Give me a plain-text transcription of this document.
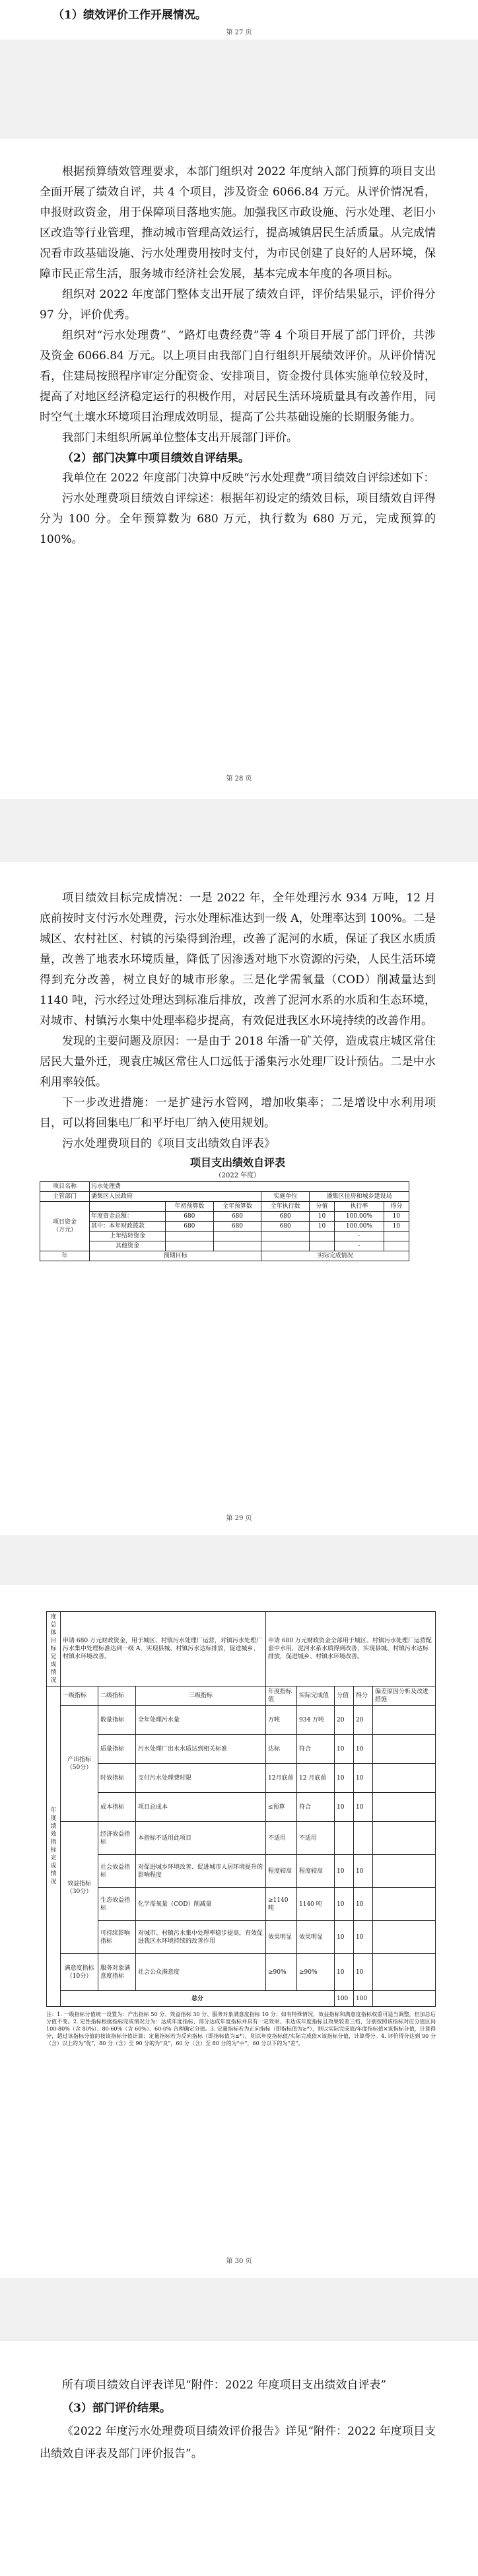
（1）绩效评价工作开展情况。

第 27 页

根据预算绩效管理要求，本部门组织对 2022 年度纳入部门预算的项目支出全面开展了绩效自评，共 4 个项目，涉及资金 6066.84 万元。从评价情况看，申报财政资金，用于保障项目落地实施。加强我区市政设施、污水处理、老旧小区改造等行业管理，推动城市管理高效运行，提高城镇居民生活质量。从完成情况看市政基础设施、污水处理费用按时支付，为市民创建了良好的人居环境，保障市民正常生活，服务城市经济社会发展，基本完成本年度的各项目标。

组织对 2022 年度部门整体支出开展了绩效自评，评价结果显示，评价得分 97 分，评价优秀。

组织对“污水处理费”、“路灯电费经费”等 4 个项目开展了部门评价，共涉及资金 6066.84 万元。以上项目由我部门自行组织开展绩效评价。从评价情况看，住建局按照程序审定分配资金、安排项目，资金拨付具体实施单位较及时，提高了对地区经济稳定运行的积极作用，对居民生活环境质量具有改善作用，同时空气土壤水环境项目治理成效明显，提高了公共基础设施的长期服务能力。

我部门未组织所属单位整体支出开展部门评价。

（2）部门决算中项目绩效自评结果。

我单位在 2022 年度部门决算中反映“污水处理费”项目绩效自评综述如下：

污水处理费项目绩效自评综述：根据年初设定的绩效目标，项目绩效自评得分为 100 分。全年预算数为 680 万元，执行数为 680 万元，完成预算的 100%。

第 28 页

项目绩效目标完成情况：一是 2022 年，全年处理污水 934 万吨，12 月底前按时支付污水处理费，污水处理标准达到一级 A，处理率达到 100%。二是城区、农村社区、村镇的污染得到治理，改善了泥河的水质，保证了我区水质质量，改善了地表水环境质量，降低了因渗透对地下水资源的污染，人民生活环境得到充分改善，树立良好的城市形象。三是化学需氧量（COD）削减量达到 1140 吨，污水经过处理达到标准后排放，改善了泥河水系的水质和生态环境，对城市、村镇污水集中处理率稳步提高，有效促进我区水环境持续的改善作用。

发现的主要问题及原因：一是由于 2018 年潘一矿关停，造成袁庄城区常住居民大量外迁，现袁庄城区常住人口远低于潘集污水处理厂设计预估。二是中水利用率较低。

下一步改进措施：一是扩建污水管网，增加收集率；二是增设中水利用项目，可以将回集电厂和平圩电厂纳入使用规划。

污水处理费项目的《项目支出绩效自评表》

项目支出绩效自评表

（2022 年度）

项目名称	污水处理费						
主管部门	潘集区人民政府			实施单位	潘集区住房和城乡建设局		
项目资金
（万元）		年初预算数	全年预算数	全年执行数	分值	执行率	得分
	年度资金总额：	680	680	680	10	100.00%	10
	其中：本年财政拨款	680	680	680	10	100.00%	10
	上年结转资金					-	
	其他资金					-	
年	预期目标			实际完成情况			
第 29 页
度总体目标完成情况	申请 680 万元财政资金，用于城区、村镇污水处理厂运营，对镇污水处理厂污水集中处理标准达到一级 A，实现县城、村镇污水达标排放，促进城乡、村镇水环境改善。			申请 680 万元财政资金全部用于城区、村镇污水处理厂运营配套中水用，泥河水系水质得到改善，实现县城、村镇污水达标排放，促进城乡、村镇水环境改善。				
年度绩效指标完成情况	一级指标	二级指标	三级指标	年度指标值	实际完成值	分值	得分	偏差原因分析及改进措施
	产出指标（50分）	数量指标	全年处理污水量	万吨	934 万吨	20	20	
		质量指标	污水处理厂出水水质达到相关标准	达标	符合	10	10	
		时效指标	支付污水处理费时限	12月底前	12 月底前	10	10	
		成本指标	项目总成本	≤预算	符合	10	10	
	效益指标（30分）	经济效益指标	本指标不适用此项目	不适用	不适用			
		社会效益指标	对促进城乡环境改善、促进城市人居环境提升的影响程度	程度较高	程度较高	10	10	
		生态效益指标	化学需氧量（COD）削减量	≥1140 吨	1140 吨	10	10	
		可持续影响指标	对城市、村镇污水集中处理率稳步提高，有效促进我区水环境持续的改善作用	效果明显	效果明显	10	10	
	满意度指标（10分）	服务对象满意度指标	社会公众满意度	≥90%	≥90%	10	10	
	总分					100	100	

注：1. 一级指标分值统一设置为：产出指标 50 分、效益指标 30 分、服务对象满意度指标 10 分；如有特殊情况，效益指标和满意度指标权重可适当调整，但加总后分值不变。2. 定性指标根据指标完成情况分为：达成年度指标、部分达成年度指标并具有一定效果、未达成年度指标且效果较差三档，分别按照该指标对应分值区间 100-80%（含 80%）、80-60%（含 60%）、60-0% 合理确定分值。3. 定量指标若为正向指标（即指标值为≥*），则以实际完成值/年度指标值×该指标分值，计算得分，超过该指标分值的按该指标分值计算；定量指标若为反向指标（即指标值为≤*），则以年度指标值/实际完成值×该指标分值，计算得分。4. 评价得分达到 90 分（含）以上的为“优”，80 分（含）至 90 分的为“良”，60 分（含）至 80 分的为“中”，60 分以下的为“差”。

第 30 页

所有项目绩效自评表详见“附件：2022 年度项目支出绩效自评表”

（3）部门评价结果。

《2022 年度污水处理费项目绩效评价报告》详见“附件：2022 年度项目支出绩效自评表及部门评价报告”。
